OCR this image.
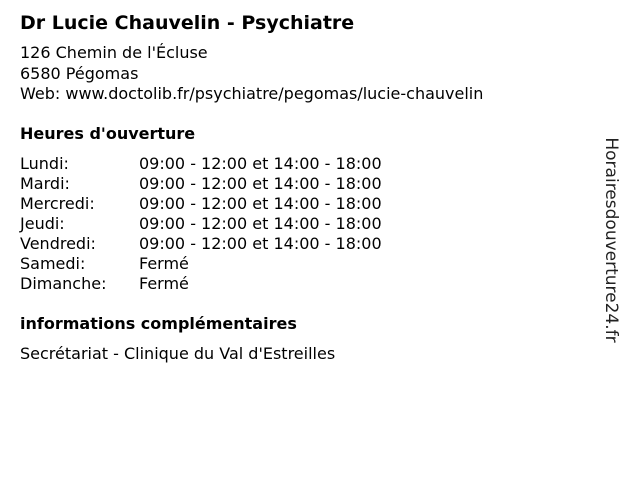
Dr Lucie Chauvelin - Psychiatre
126 Chemin de l'Écluse
6580 Pégomas
Web: www.doctolib.fr/psychiatre/pegomas/lucie-chauvelin
Heures d'ouverture
Lundi:	09:00 - 12:00 et 14:00 - 18:00
Mardi:	09:00 - 12:00 et 14:00 - 18:00
Mercredi:	09:00 - 12:00 et 14:00 - 18:00
Jeudi:	09:00 - 12:00 et 14:00 - 18:00
Vendredi:	09:00 - 12:00 et 14:00 - 18:00
Samedi:	Fermé
Dimanche: Fermé
informations complémentaires
Secrétariat - Clinique du Val d'Estreilles
Horairesdouverture24.fr
